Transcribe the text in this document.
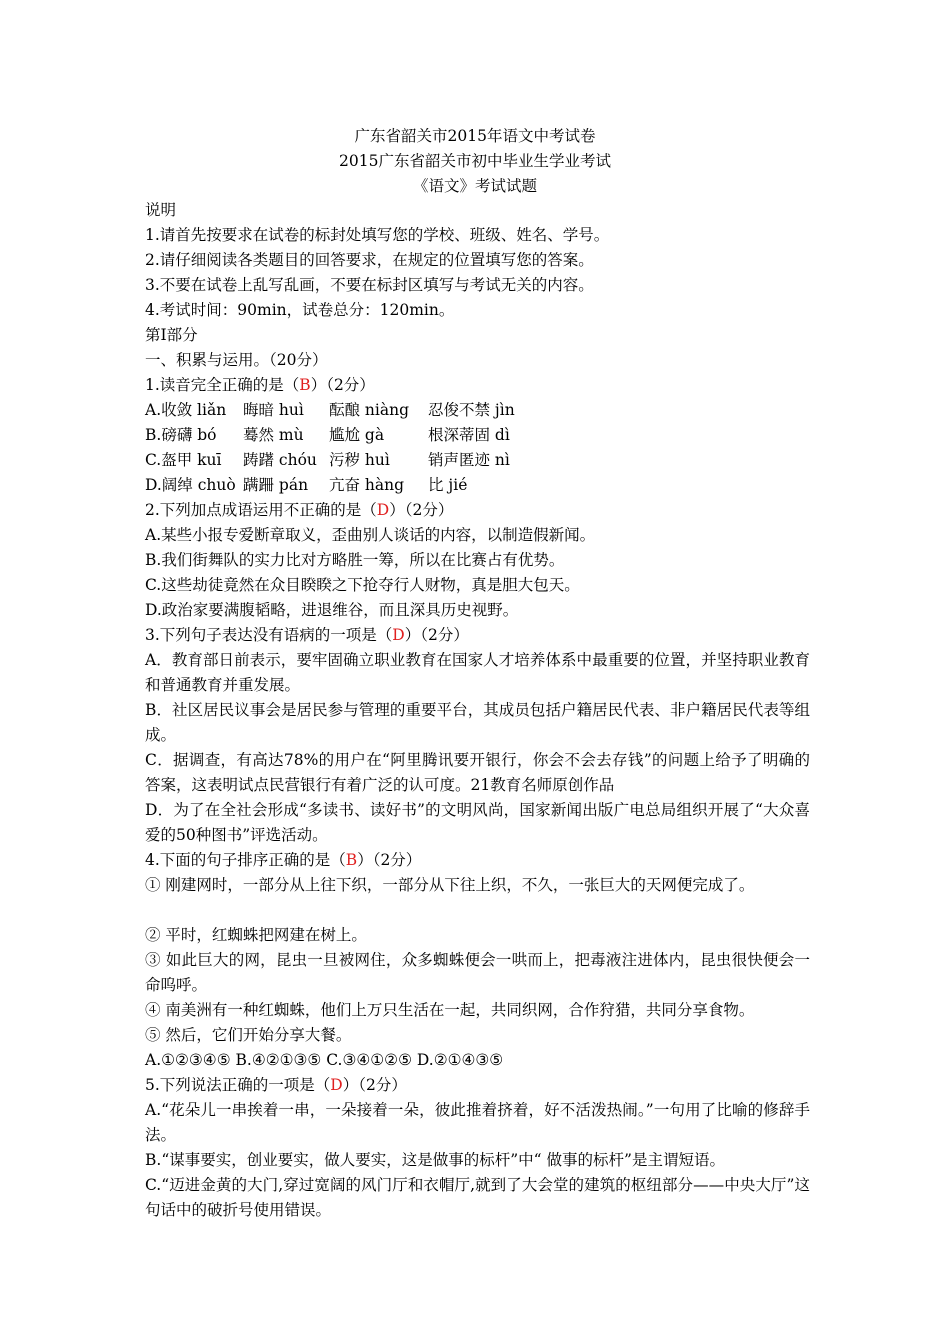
广东省韶关市2015年语文中考试卷
2015广东省韶关市初中毕业生学业考试
《语文》考试试题
说明
1.请首先按要求在试卷的标封处填写您的学校、班级、姓名、学号。
2.请仔细阅读各类题目的回答要求，在规定的位置填写您的答案。
3.不要在试卷上乱写乱画，不要在标封区填写与考试无关的内容。
4.考试时间：90min，试卷总分：120min。
第Ⅰ部分
一、积累与运用。（20分）
1.读音完全正确的是（B）（2分）
A.收敛 liǎn 晦暗 huì 酝酿 niàng 忍俊不禁 jìn
B.磅礴 bó 蓦然 mù 尴尬 gà	根深蒂固 dì
C.盔甲 kuī 踌躇 chóu 污秽 huì 销声匿迹 nì
D.阔绰 chuò 蹒跚 pán 亢奋 hàng 比 jié
2.下列加点成语运用不正确的是（D）（2分）
A.某些小报专爱断章取义，歪曲别人谈话的内容，以制造假新闻。
B.我们街舞队的实力比对方略胜一筹，所以在比赛占有优势。
C.这些劫徒竟然在众目睽睽之下抢夺行人财物，真是胆大包天。
D.政治家要满腹韬略，进退维谷，而且深具历史视野。
3.下列句子表达没有语病的一项是（D）（2分）
A．教育部日前表示，要牢固确立职业教育在国家人才培养体系中最重要的位置，并坚持职业教育和普通教育并重发展。
B．社区居民议事会是居民参与管理的重要平台，其成员包括户籍居民代表、非户籍居民代表等组成。
C．据调查，有高达78%的用户在“阿里腾讯要开银行，你会不会去存钱”的问题上给予了明确的答案，这表明试点民营银行有着广泛的认可度。21教育名师原创作品
D．为了在全社会形成“多读书、读好书”的文明风尚，国家新闻出版广电总局组织开展了“大众喜爱的50种图书”评选活动。
4.下面的句子排序正确的是（B）（2分）
① 刚建网时，一部分从上往下织，一部分从下往上织，不久，一张巨大的天网便完成了。
② 平时，红蜘蛛把网建在树上。
③ 如此巨大的网，昆虫一旦被网住，众多蜘蛛便会一哄而上，把毒液注进体内，昆虫很快便会一命呜呼。
④ 南美洲有一种红蜘蛛，他们上万只生活在一起，共同织网，合作狩猎，共同分享食物。
⑤ 然后，它们开始分享大餐。
A.①②③④⑤ B.④②①③⑤ C.③④①②⑤ D.②①④③⑤
5.下列说法正确的一项是（D）（2分）
A.“花朵儿一串挨着一串，一朵接着一朵，彼此推着挤着，好不活泼热闹。”一句用了比喻的修辞手法。
B.“谋事要实，创业要实，做人要实，这是做事的标杆”中“ 做事的标杆”是主谓短语。
C.“迈进金黄的大门,穿过宽阔的风门厅和衣帽厅,就到了大会堂的建筑的枢纽部分——中央大厅”这句话中的破折号使用错误。
